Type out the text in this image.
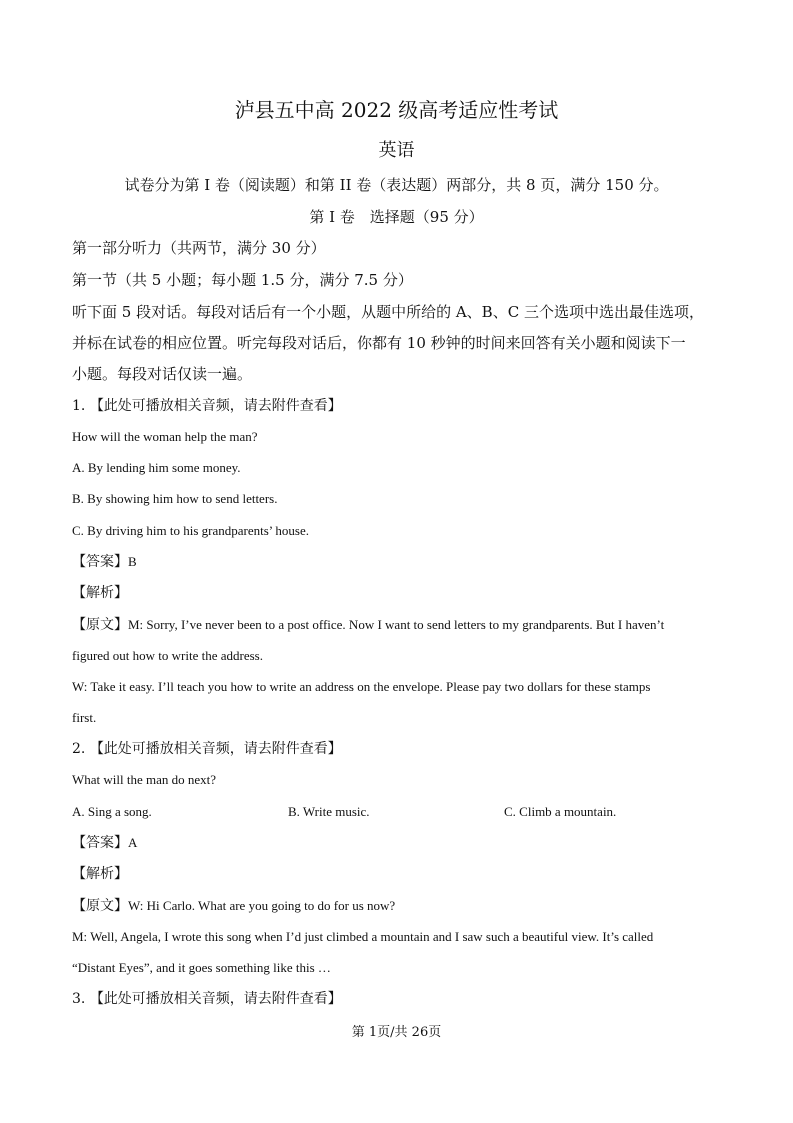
泸县五中高 2022 级高考适应性考试
英语
试卷分为第 I 卷（阅读题）和第 II 卷（表达题）两部分，共 8 页，满分 150 分。
第 I 卷　选择题（95 分）
第一部分听力（共两节，满分 30 分）
第一节（共 5 小题；每小题 1.5 分，满分 7.5 分）
听下面 5 段对话。每段对话后有一个小题，从题中所给的 A、B、C 三个选项中选出最佳选项，
并标在试卷的相应位置。听完每段对话后，你都有 10 秒钟的时间来回答有关小题和阅读下一
小题。每段对话仅读一遍。
1. 【此处可播放相关音频，请去附件查看】
How will the woman help the man?
A. By lending him some money.
B. By showing him how to send letters.
C. By driving him to his grandparents’ house.
【答案】B
【解析】
【原文】M: Sorry, I’ve never been to a post office. Now I want to send letters to my grandparents. But I haven’t
figured out how to write the address.
W: Take it easy. I’ll teach you how to write an address on the envelope. Please pay two dollars for these stamps
first.
2. 【此处可播放相关音频，请去附件查看】
What will the man do next?
A. Sing a song.	B. Write music.	C. Climb a mountain.
【答案】A
【解析】
【原文】W: Hi Carlo. What are you going to do for us now?
M: Well, Angela, I wrote this song when I’d just climbed a mountain and I saw such a beautiful view. It’s called
“Distant Eyes”, and it goes something like this …
3. 【此处可播放相关音频，请去附件查看】
第 1页/共 26页
